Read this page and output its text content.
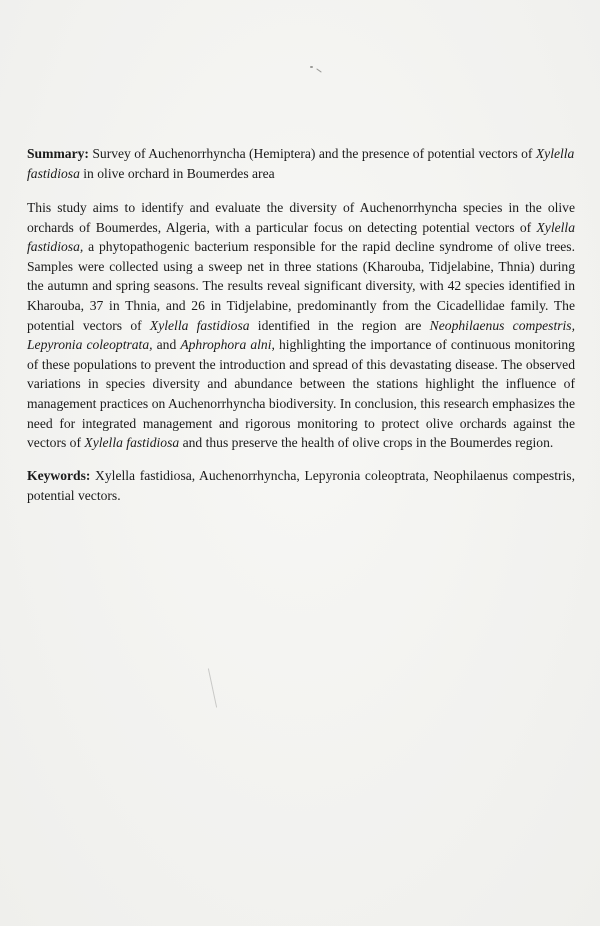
Summary: Survey of Auchenorrhyncha (Hemiptera) and the presence of potential vectors of Xylella fastidiosa in olive orchard in Boumerdes area

This study aims to identify and evaluate the diversity of Auchenorrhyncha species in the olive orchards of Boumerdes, Algeria, with a particular focus on detecting potential vectors of Xylella fastidiosa, a phytopathogenic bacterium responsible for the rapid decline syndrome of olive trees. Samples were collected using a sweep net in three stations (Kharouba, Tidjelabine, Thnia) during the autumn and spring seasons. The results reveal significant diversity, with 42 species identified in Kharouba, 37 in Thnia, and 26 in Tidjelabine, predominantly from the Cicadellidae family. The potential vectors of Xylella fastidiosa identified in the region are Neophilaenus compestris, Lepyronia coleoptrata, and Aphrophora alni, highlighting the importance of continuous monitoring of these populations to prevent the introduction and spread of this devastating disease. The observed variations in species diversity and abundance between the stations highlight the influence of management practices on Auchenorrhyncha biodiversity. In conclusion, this research emphasizes the need for integrated management and rigorous monitoring to protect olive orchards against the vectors of Xylella fastidiosa and thus preserve the health of olive crops in the Boumerdes region.

Keywords: Xylella fastidiosa, Auchenorrhyncha, Lepyronia coleoptrata, Neophilaenus compestris, potential vectors.
